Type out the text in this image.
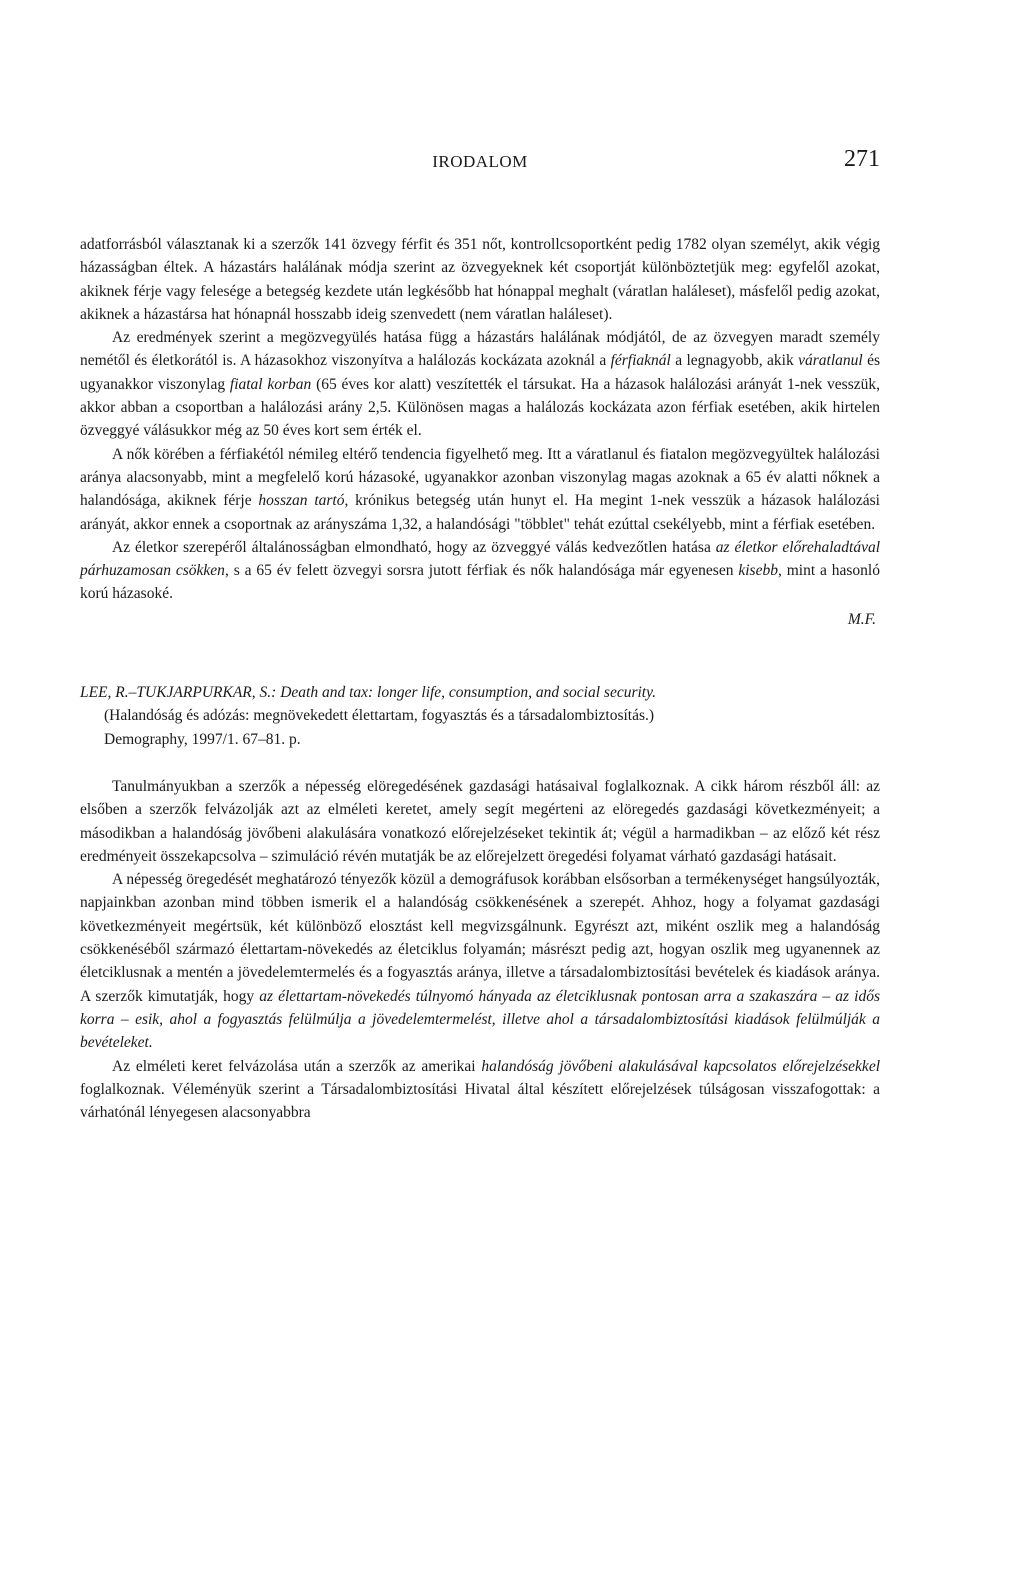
IRODALOM	271

adatforrásból választanak ki a szerzők 141 özvegy férfit és 351 nőt, kontrollcsoportként pedig 1782 olyan személyt, akik végig házasságban éltek. A házastárs halálának módja szerint az özvegyeknek két csoportját különböztetjük meg: egyfelől azokat, akiknek férje vagy felesége a betegség kezdete után legkésőbb hat hónappal meghalt (váratlan haláleset), másfelől pedig azokat, akiknek a házastársa hat hónapnál hosszabb ideig szenvedett (nem váratlan haláleset).

Az eredmények szerint a megözvegyülés hatása függ a házastárs halálának módjától, de az özvegyen maradt személy nemétől és életkorától is. A házasokhoz viszonyítva a halálozás kockázata azoknál a férfiaknál a legnagyobb, akik váratlanul és ugyanakkor viszonylag fiatal korban (65 éves kor alatt) veszítették el társukat. Ha a házasok halálozási arányát 1-nek vesszük, akkor abban a csoportban a halálozási arány 2,5. Különösen magas a halálozás kockázata azon férfiak esetében, akik hirtelen özveggyé válásukkor még az 50 éves kort sem érték el.

A nők körében a férfiakétól némileg eltérő tendencia figyelhető meg. Itt a váratlanul és fiatalon megözvegyültek halálozási aránya alacsonyabb, mint a megfelelő korú házasoké, ugyanakkor azonban viszonylag magas azoknak a 65 év alatti nőknek a halandósága, akiknek férje hosszan tartó, krónikus betegség után hunyt el. Ha megint 1-nek vesszük a házasok halálozási arányát, akkor ennek a csoportnak az arányszáma 1,32, a halandósági "többlet" tehát ezúttal csekélyebb, mint a férfiak esetében.

Az életkor szerepéről általánosságban elmondható, hogy az özveggyé válás kedvezőtlen hatása az életkor előrehaladtával párhuzamosan csökken, s a 65 év felett özvegyi sorsra jutott férfiak és nők halandósága már egyenesen kisebb, mint a hasonló korú házasoké.

M.F.
LEE, R.–TUKJARPURKAR, S.: Death and tax: longer life, consumption, and social security.
(Halandóság és adózás: megnövekedett élettartam, fogyasztás és a társadalombiztosítás.)
Demography, 1997/1. 67–81. p.

Tanulmányukban a szerzők a népesség elöregedésének gazdasági hatásaival foglalkoznak. A cikk három részből áll: az elsőben a szerzők felvázolják azt az elméleti keretet, amely segít megérteni az elöregedés gazdasági következményeit; a másodikban a halandóság jövőbeni alakulására vonatkozó előrejelzéseket tekintik át; végül a harmadikban – az előző két rész eredményeit összekapcsolva – szimuláció révén mutatják be az előrejelzett öregedési folyamat várható gazdasági hatásait.

A népesség öregedését meghatározó tényezők közül a demográfusok korábban elsősorban a termékenységet hangsúlyozták, napjainkban azonban mind többen ismerik el a halandóság csökkenésének a szerepét. Ahhoz, hogy a folyamat gazdasági következményeit megértsük, két különböző elosztást kell megvizsgálnunk. Egyrészt azt, miként oszlik meg a halandóság csökkenéséből származó élettartam-növekedés az életciklus folyamán; másrészt pedig azt, hogyan oszlik meg ugyanennek az életciklusnak a mentén a jövedelemtermelés és a fogyasztás aránya, illetve a társadalombiztosítási bevételek és kiadások aránya. A szerzők kimutatják, hogy az élettartam-növekedés túlnyomó hányada az életciklusnak pontosan arra a szakaszára – az idős korra – esik, ahol a fogyasztás felülmúlja a jövedelemtermelést, illetve ahol a társadalombiztosítási kiadások felülmúlják a bevételeket.

Az elméleti keret felvázolása után a szerzők az amerikai halandóság jövőbeni alakulásával kapcsolatos előrejelzésekkel foglalkoznak. Véleményük szerint a Társadalombiztosítási Hivatal által készített előrejelzések túlságosan visszafogottak: a várhatónál lényegesen alacsonyabbra
